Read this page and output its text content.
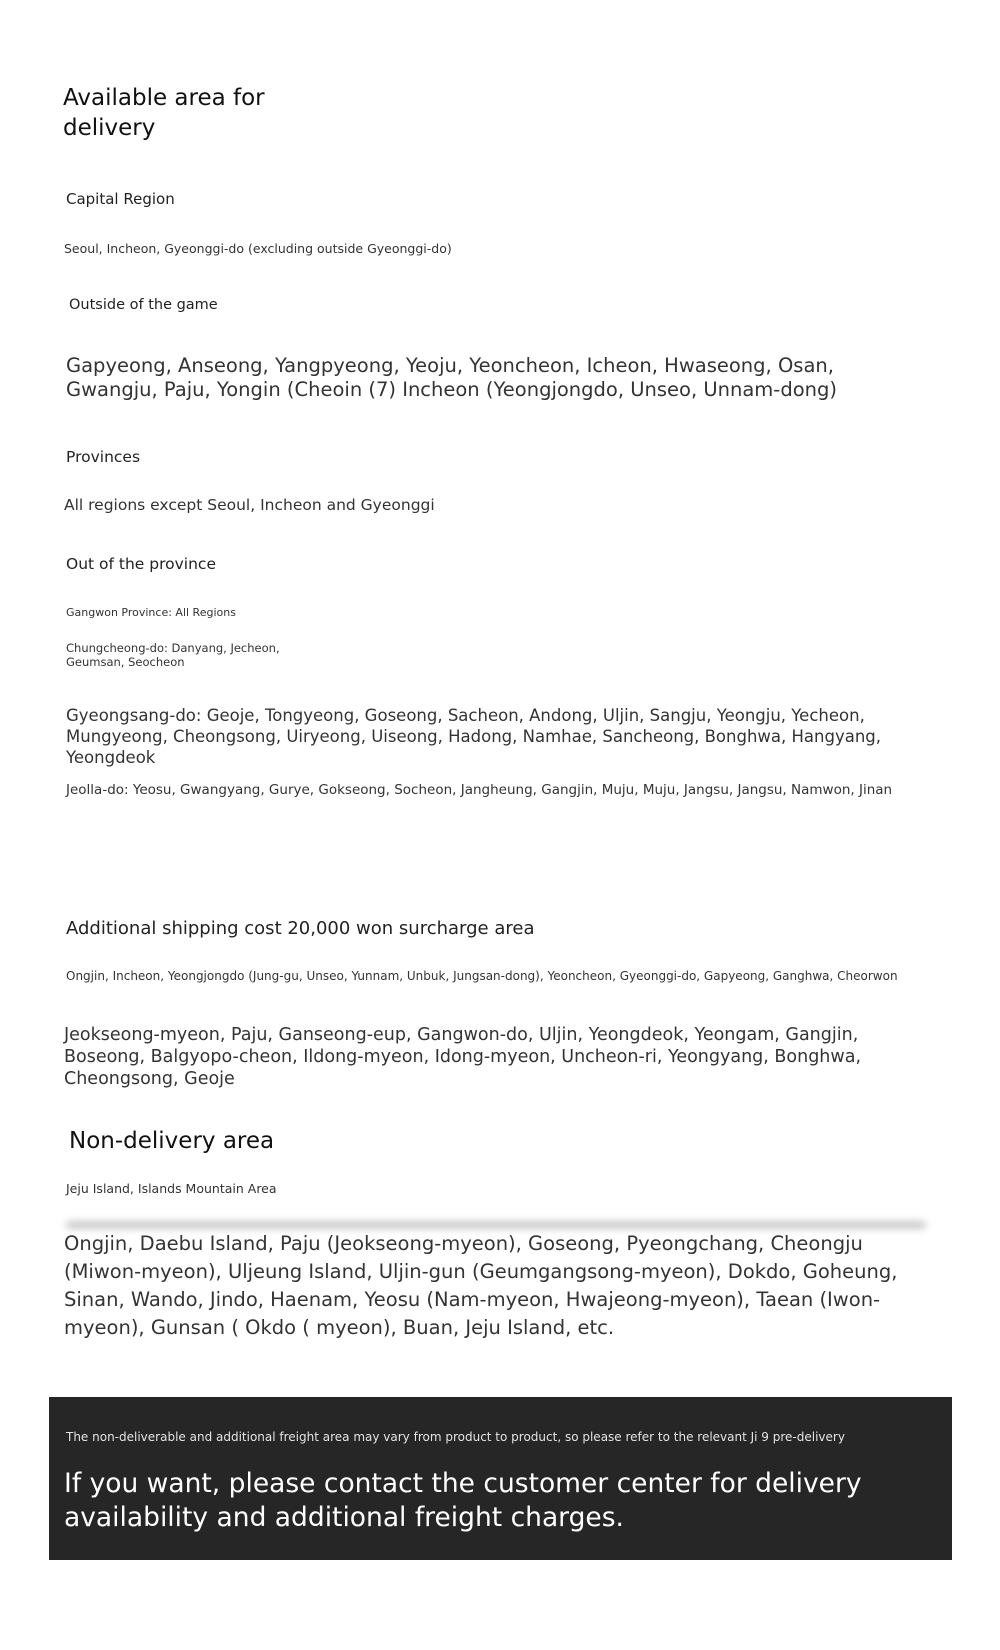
Available area for delivery
Capital Region
Seoul, Incheon, Gyeonggi-do (excluding outside Gyeonggi-do)
Outside of the game
Gapyeong, Anseong, Yangpyeong, Yeoju, Yeoncheon, Icheon, Hwaseong, Osan, Gwangju, Paju, Yongin (Cheoin (7) Incheon (Yeongjongdo, Unseo, Unnam-dong)
Provinces
All regions except Seoul, Incheon and Gyeonggi
Out of the province
Gangwon Province: All Regions
Chungcheong-do: Danyang, Jecheon, Geumsan, Seocheon
Gyeongsang-do: Geoje, Tongyeong, Goseong, Sacheon, Andong, Uljin, Sangju, Yeongju, Yecheon, Mungyeong, Cheongsong, Uiryeong, Uiseong, Hadong, Namhae, Sancheong, Bonghwa, Hangyang, Yeongdeok
Jeolla-do: Yeosu, Gwangyang, Gurye, Gokseong, Socheon, Jangheung, Gangjin, Muju, Muju, Jangsu, Jangsu, Namwon, Jinan
Additional shipping cost 20,000 won surcharge area
Ongjin, Incheon, Yeongjongdo (Jung-gu, Unseo, Yunnam, Unbuk, Jungsan-dong), Yeoncheon, Gyeonggi-do, Gapyeong, Ganghwa, Cheorwon
Jeokseong-myeon, Paju, Ganseong-eup, Gangwon-do, Uljin, Yeongdeok, Yeongam, Gangjin, Boseong, Balgyopo-cheon, Ildong-myeon, Idong-myeon, Uncheon-ri, Yeongyang, Bonghwa, Cheongsong, Geoje
Non-delivery area
Jeju Island, Islands Mountain Area
Ongjin, Daebu Island, Paju (Jeokseong-myeon), Goseong, Pyeongchang, Cheongju (Miwon-myeon), Uljeung Island, Uljin-gun (Geumgangsong-myeon), Dokdo, Goheung, Sinan, Wando, Jindo, Haenam, Yeosu (Nam-myeon, Hwajeong-myeon), Taean (Iwon-myeon), Gunsan ( Okdo ( myeon), Buan, Jeju Island, etc.

The non-deliverable and additional freight area may vary from product to product, so please refer to the relevant Ji 9 pre-delivery

If you want, please contact the customer center for delivery availability and additional freight charges.
